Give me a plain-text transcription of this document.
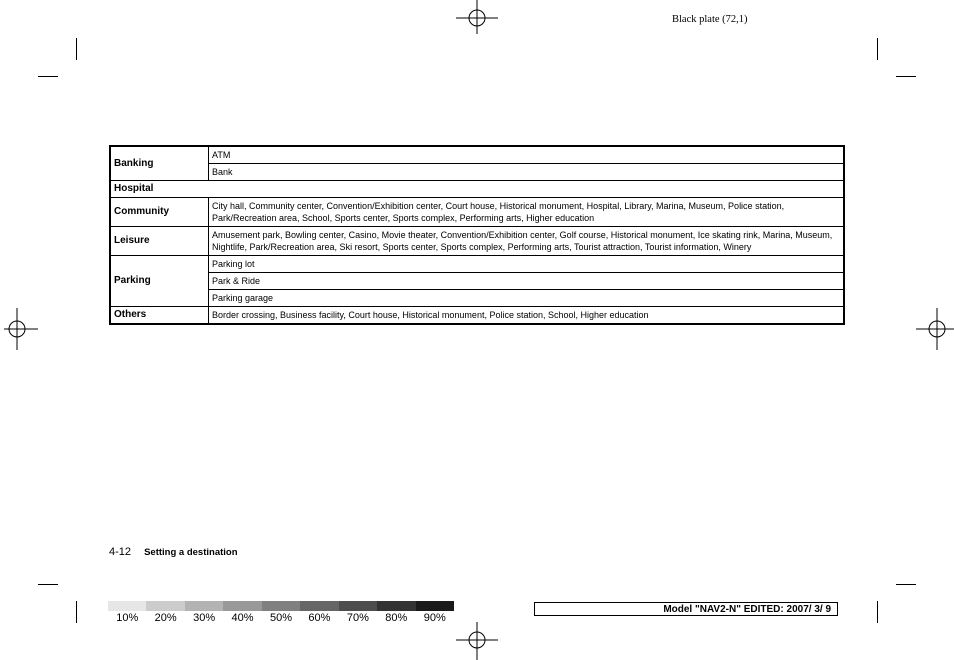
Black plate (72,1)
Banking	ATM
	Bank
Hospital	
Community	City hall, Community center, Convention/Exhibition center, Court house, Historical monument, Hospital, Library, Marina, Museum, Police station, Park/Recreation area, School, Sports center, Sports complex, Performing arts, Higher education
Leisure	Amusement park, Bowling center, Casino, Movie theater, Convention/Exhibition center, Golf course, Historical monument, Ice skating rink, Marina, Museum, Nightlife, Park/Recreation area, Ski resort, Sports center, Sports complex, Performing arts, Tourist attraction, Tourist information, Winery
Parking	Parking lot
	Park & Ride
	Parking garage
Others	Border crossing, Business facility, Court house, Historical monument, Police station, School, Higher education
4-12 Setting a destination
10%	20%	30%	40%	50%	60%	70%	80%	90%
Model "NAV2-N" EDITED: 2007/ 3/ 9
